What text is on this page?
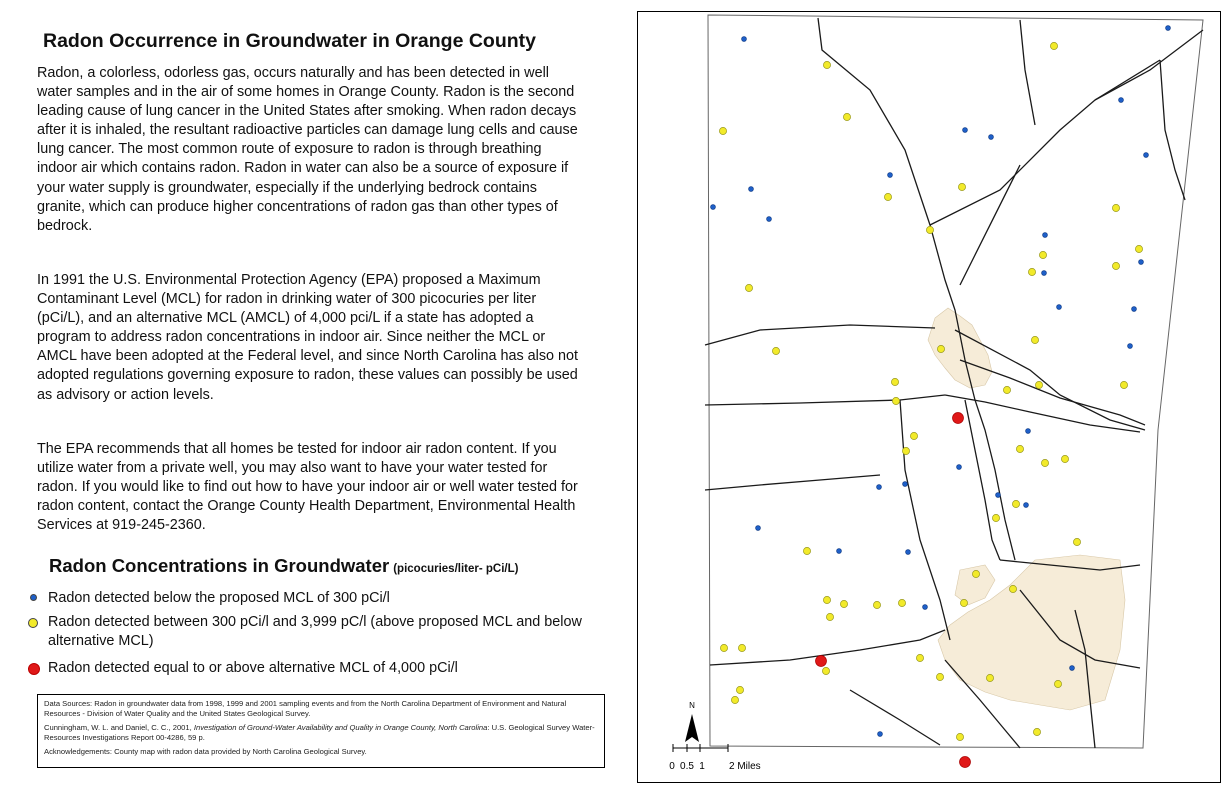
Radon Occurrence in Groundwater in Orange County

Radon, a colorless, odorless gas, occurs naturally and has been detected in well water samples and in the air of some homes in Orange County. Radon is the second leading cause of lung cancer in the United States after smoking. When radon decays after it is inhaled, the resultant radioactive particles can damage lung cells and cause lung cancer. The most common route of exposure to radon is through breathing indoor air which contains radon. Radon in water can also be a source of exposure if your water supply is groundwater, especially if the underlying bedrock contains granite, which can produce higher concentrations of radon gas than other types of bedrock.

In 1991 the U.S. Environmental Protection Agency (EPA) proposed a Maximum Contaminant Level (MCL) for radon in drinking water of 300 picocuries per liter (pCi/L), and an alternative MCL (AMCL) of 4,000 pci/L if a state has adopted a program to address radon concentrations in indoor air. Since neither the MCL or AMCL have been adopted at the Federal level, and since North Carolina has also not adopted regulations governing exposure to radon, these values can possibly be used as advisory or action levels.

The EPA recommends that all homes be tested for indoor air radon content. If you utilize water from a private well, you may also want to have your water tested for radon. If you would like to find out how to have your indoor air or well water tested for radon content, contact the Orange County Health Department, Environmental Health Services at 919-245-2360.

Radon Concentrations in Groundwater (picocuries/liter- pCi/L)
Radon detected below the proposed MCL of 300 pCi/l
Radon detected between 300 pCi/l and 3,999 pC/l (above proposed MCL and below alternative MCL)
Radon detected equal to or above alternative MCL of 4,000 pCi/l

Data Sources: Radon in groundwater data from 1998, 1999 and 2001 sampling events and from the North Carolina Department of Environment and Natural Resources - Division of Water Quality and the United States Geological Survey.

Cunningham, W. L. and Daniel, C. C., 2001, Investigation of Ground-Water Availability and Quality in Orange County, North Carolina: U.S. Geological Survey Water-Resources Investigations Report 00-4286, 59 p.

Acknowledgements: County map with radon data provided by North Carolina Geological Survey.

N
0 0.5 1 2 Miles
